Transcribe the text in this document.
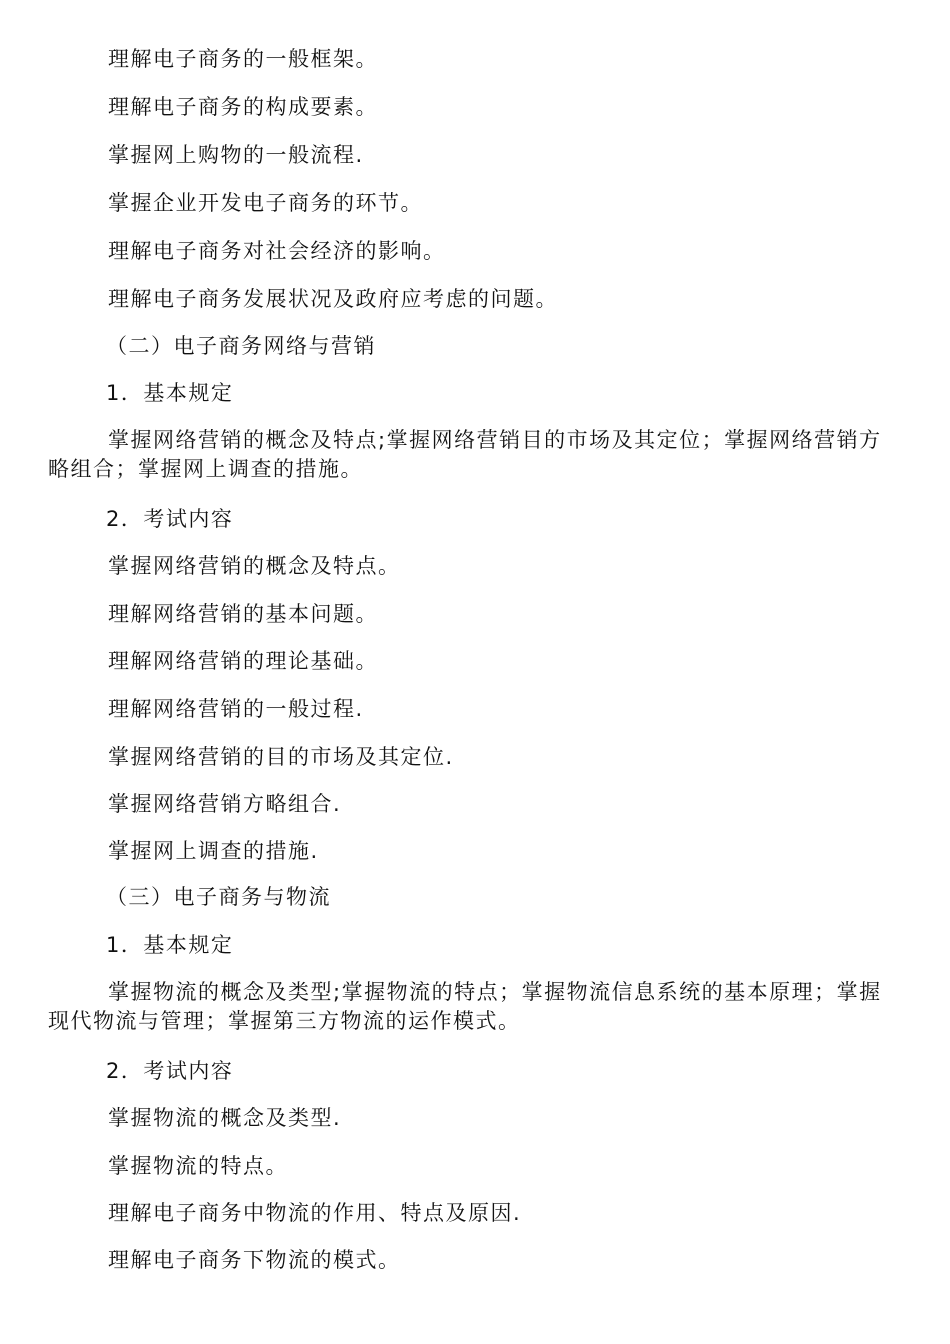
理解电子商务的一般框架。
理解电子商务的构成要素。
掌握网上购物的一般流程.
掌握企业开发电子商务的环节。
理解电子商务对社会经济的影响。
理解电子商务发展状况及政府应考虑的问题。
（二）电子商务网络与营销
1．基本规定
掌握网络营销的概念及特点;掌握网络营销目的市场及其定位；掌握网络营销方略组合；掌握网上调查的措施。
2．考试内容
掌握网络营销的概念及特点。
理解网络营销的基本问题。
理解网络营销的理论基础。
理解网络营销的一般过程.
掌握网络营销的目的市场及其定位.
掌握网络营销方略组合.
掌握网上调查的措施.
（三）电子商务与物流
1．基本规定
掌握物流的概念及类型;掌握物流的特点；掌握物流信息系统的基本原理；掌握现代物流与管理；掌握第三方物流的运作模式。
2．考试内容
掌握物流的概念及类型.
掌握物流的特点。
理解电子商务中物流的作用、特点及原因.
理解电子商务下物流的模式。
